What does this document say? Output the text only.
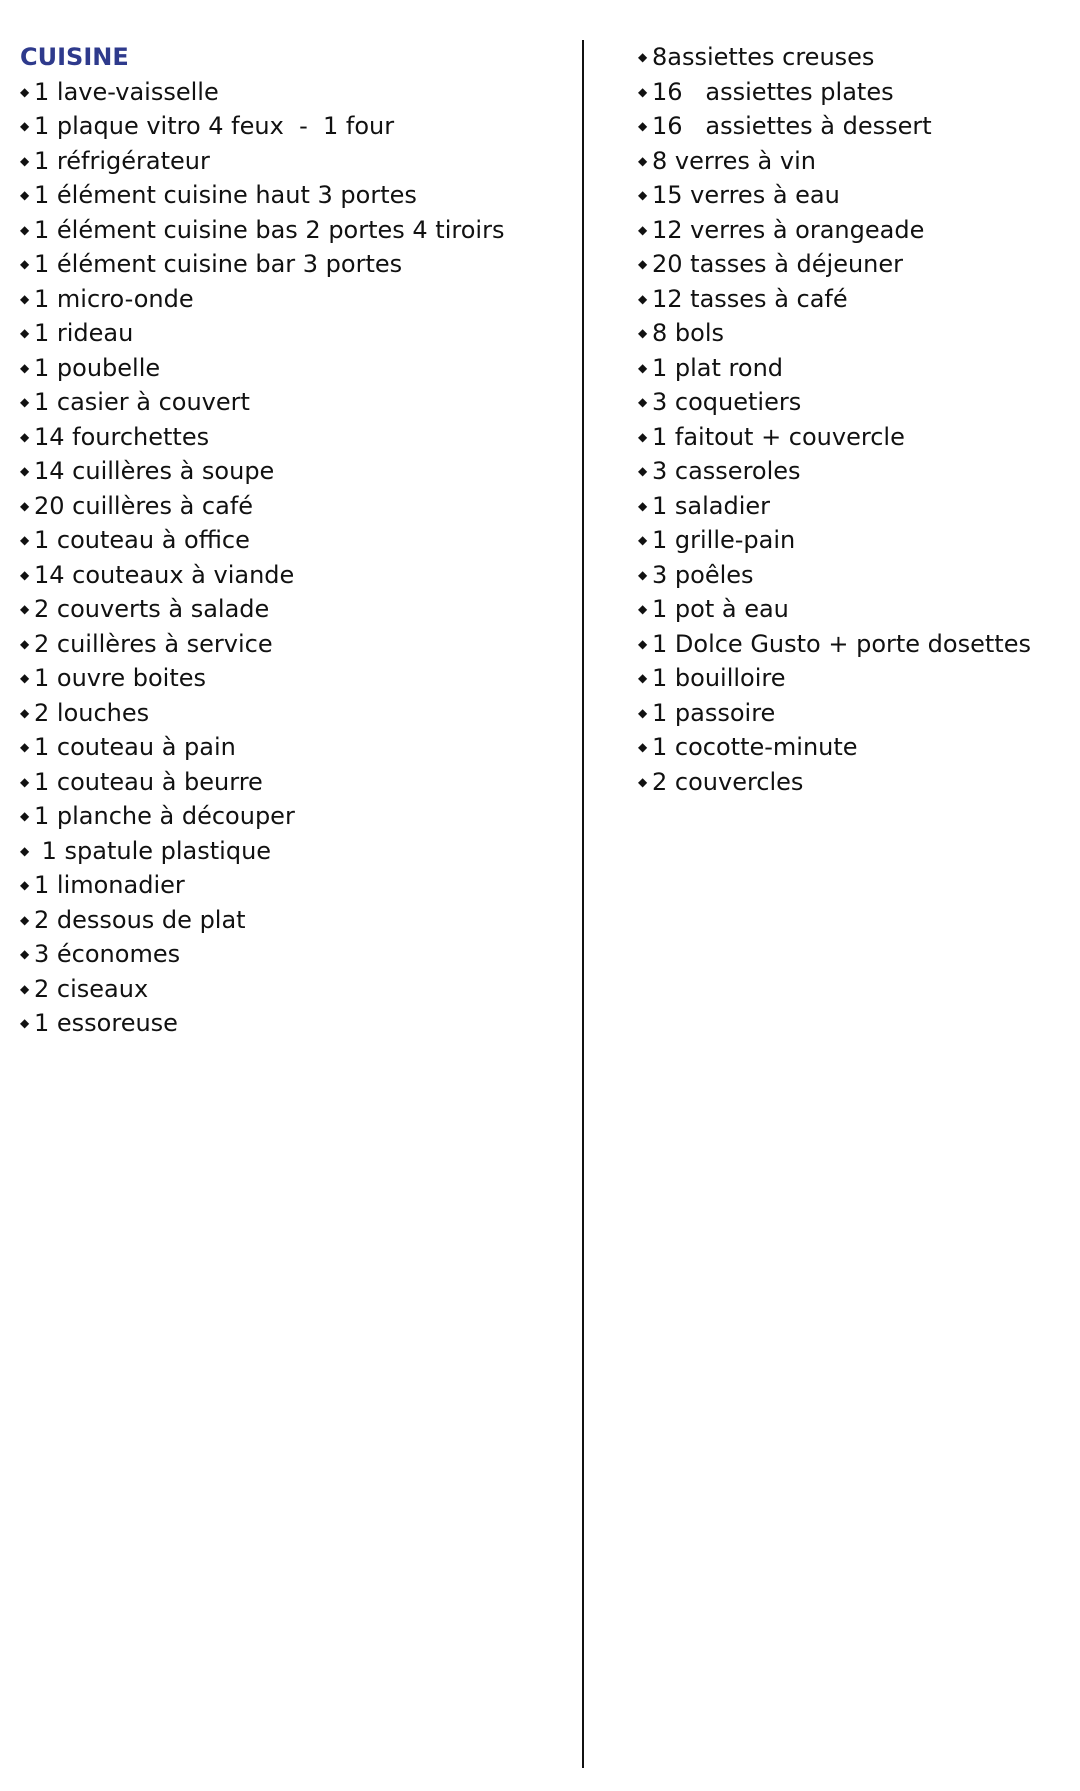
CUISINE
◆ 1 lave-vaisselle
◆ 1 plaque vitro 4 feux  -  1 four
◆ 1 réfrigérateur
◆ 1 élément cuisine haut 3 portes
◆ 1 élément cuisine bas 2 portes 4 tiroirs
◆ 1 élément cuisine bar 3 portes
◆ 1 micro-onde
◆ 1 rideau
◆ 1 poubelle
◆ 1 casier à couvert
◆ 14 fourchettes
◆ 14 cuillères à soupe
◆ 20 cuillères à café
◆ 1 couteau à office
◆ 14 couteaux à viande
◆ 2 couverts à salade
◆ 2 cuillères à service
◆ 1 ouvre boites
◆ 2 louches
◆ 1 couteau à pain
◆ 1 couteau à beurre
◆ 1 planche à découper
◆ 1 spatule plastique
◆ 1 limonadier
◆ 2 dessous de plat
◆ 3 économes
◆ 2 ciseaux
◆ 1 essoreuse
◆ 8assiettes creuses
◆ 16   assiettes plates
◆ 16   assiettes à dessert
◆ 8 verres à vin
◆ 15 verres à eau
◆ 12 verres à orangeade
◆ 20 tasses à déjeuner
◆ 12 tasses à café
◆ 8 bols
◆ 1 plat rond
◆ 3 coquetiers
◆ 1 faitout + couvercle
◆ 3 casseroles
◆ 1 saladier
◆ 1 grille-pain
◆ 3 poêles
◆ 1 pot à eau
◆ 1 Dolce Gusto + porte dosettes
◆ 1 bouilloire
◆ 1 passoire
◆ 1 cocotte-minute
◆ 2 couvercles
